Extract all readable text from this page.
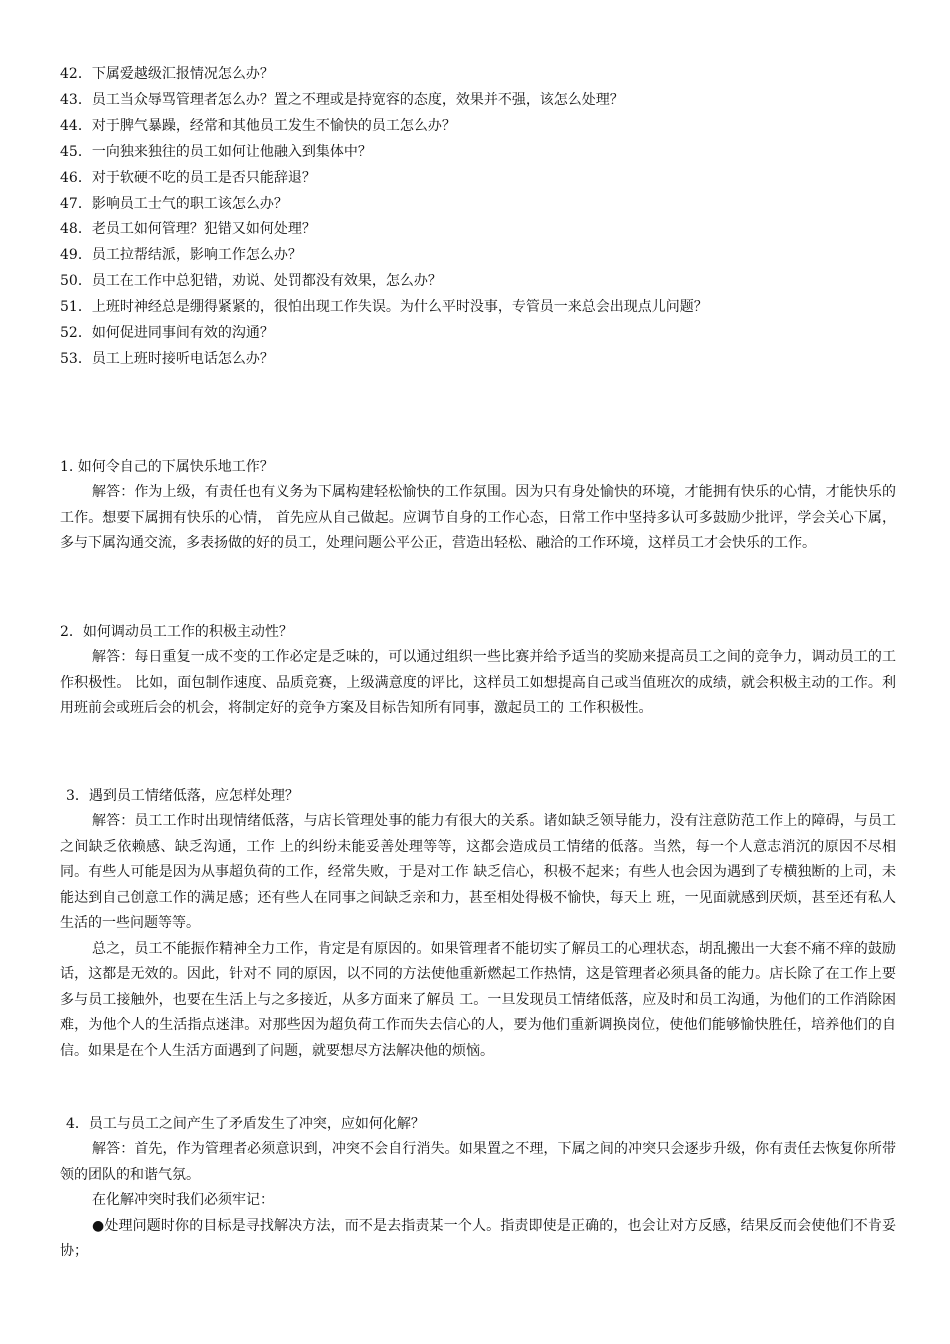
42．下属爱越级汇报情况怎么办？
43．员工当众辱骂管理者怎么办？置之不理或是持宽容的态度，效果并不强，该怎么处理？
44．对于脾气暴躁，经常和其他员工发生不愉快的员工怎么办？
45．一向独来独往的员工如何让他融入到集体中？
46．对于软硬不吃的员工是否只能辞退？
47．影响员工士气的职工该怎么办？
48．老员工如何管理？犯错又如何处理？
49．员工拉帮结派，影响工作怎么办？
50．员工在工作中总犯错，劝说、处罚都没有效果，怎么办？
51．上班时神经总是绷得紧紧的，很怕出现工作失误。为什么平时没事，专管员一来总会出现点儿问题？
52．如何促进同事间有效的沟通？
53．员工上班时接听电话怎么办？
1. 如何令自己的下属快乐地工作？

解答：作为上级，有责任也有义务为下属构建轻松愉快的工作氛围。因为只有身处愉快的环境，才能拥有快乐的心情，才能快乐的工作。想要下属拥有快乐的心情， 首先应从自己做起。应调节自身的工作心态，日常工作中坚持多认可多鼓励少批评，学会关心下属，多与下属沟通交流，多表扬做的好的员工，处理问题公平公正，营造出轻松、融洽的工作环境，这样员工才会快乐的工作。

2．如何调动员工工作的积极主动性？

解答：每日重复一成不变的工作必定是乏味的，可以通过组织一些比赛并给予适当的奖励来提高员工之间的竞争力，调动员工的工作积极性。 比如，面包制作速度、品质竞赛，上级满意度的评比，这样员工如想提高自己或当值班次的成绩，就会积极主动的工作。利用班前会或班后会的机会，将制定好的竞争方案及目标告知所有同事，激起员工的 工作积极性。

3．遇到员工情绪低落，应怎样处理？

解答：员工工作时出现情绪低落，与店长管理处事的能力有很大的关系。诸如缺乏领导能力，没有注意防范工作上的障碍，与员工之间缺乏依赖感、缺乏沟通，工作 上的纠纷未能妥善处理等等，这都会造成员工情绪的低落。当然，每一个人意志消沉的原因不尽相同。有些人可能是因为从事超负荷的工作，经常失败，于是对工作 缺乏信心，积极不起来；有些人也会因为遇到了专横独断的上司，未能达到自己创意工作的满足感；还有些人在同事之间缺乏亲和力，甚至相处得极不愉快，每天上 班，一见面就感到厌烦，甚至还有私人生活的一些问题等等。

总之，员工不能振作精神全力工作，肯定是有原因的。如果管理者不能切实了解员工的心理状态，胡乱搬出一大套不痛不痒的鼓励话，这都是无效的。因此，针对不 同的原因，以不同的方法使他重新燃起工作热情，这是管理者必须具备的能力。店长除了在工作上要多与员工接触外，也要在生活上与之多接近，从多方面来了解员 工。一旦发现员工情绪低落，应及时和员工沟通，为他们的工作消除困难，为他个人的生活指点迷津。对那些因为超负荷工作而失去信心的人，要为他们重新调换岗位，使他们能够愉快胜任，培养他们的自信。如果是在个人生活方面遇到了问题，就要想尽方法解决他的烦恼。

4．员工与员工之间产生了矛盾发生了冲突，应如何化解？

解答：首先，作为管理者必须意识到，冲突不会自行消失。如果置之不理，下属之间的冲突只会逐步升级，你有责任去恢复你所带领的团队的和谐气氛。

在化解冲突时我们必须牢记：

●处理问题时你的目标是寻找解决方法，而不是去指责某一个人。指责即使是正确的，也会让对方反感，结果反而会使他们不肯妥协；
